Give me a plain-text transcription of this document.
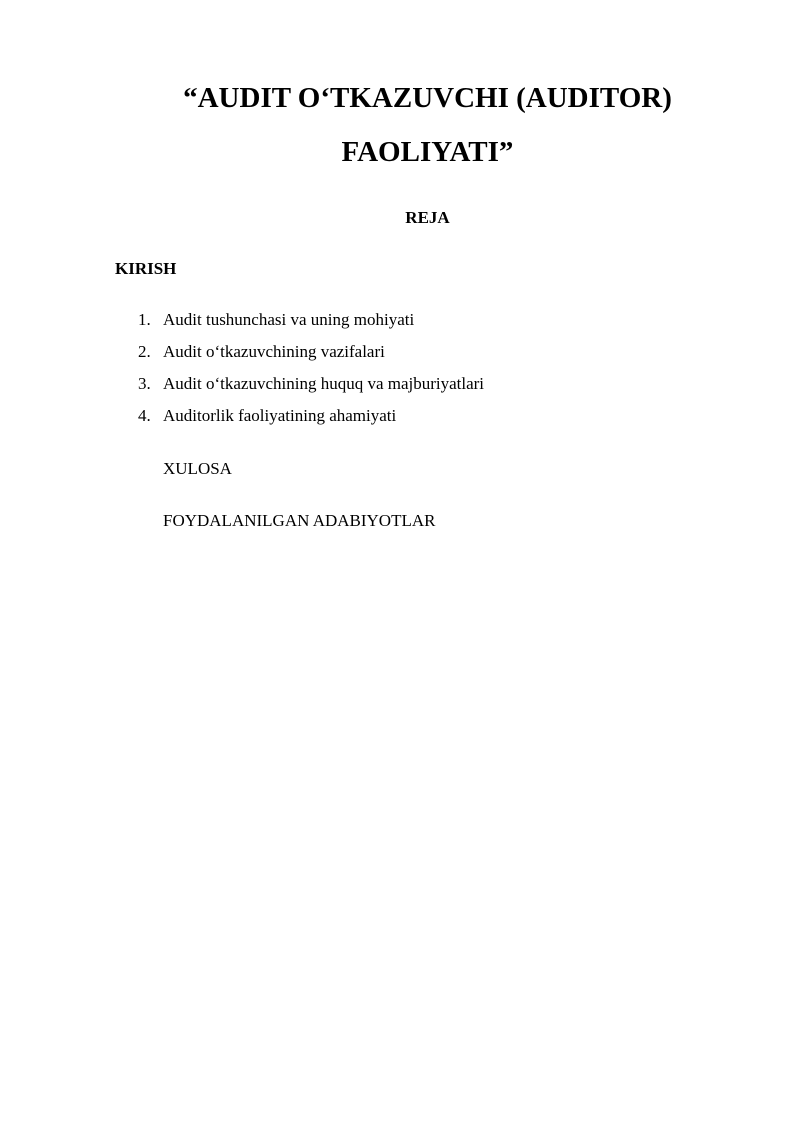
“AUDIT O‘TKAZUVCHI (AUDITOR)
FAOLIYATI”
REJA
KIRISH
1. Audit tushunchasi va uning mohiyati
2. Audit o‘tkazuvchining vazifalari
3. Audit o‘tkazuvchining huquq va majburiyatlari
4. Auditorlik faoliyatining ahamiyati
XULOSA
FOYDALANILGAN ADABIYOTLAR
